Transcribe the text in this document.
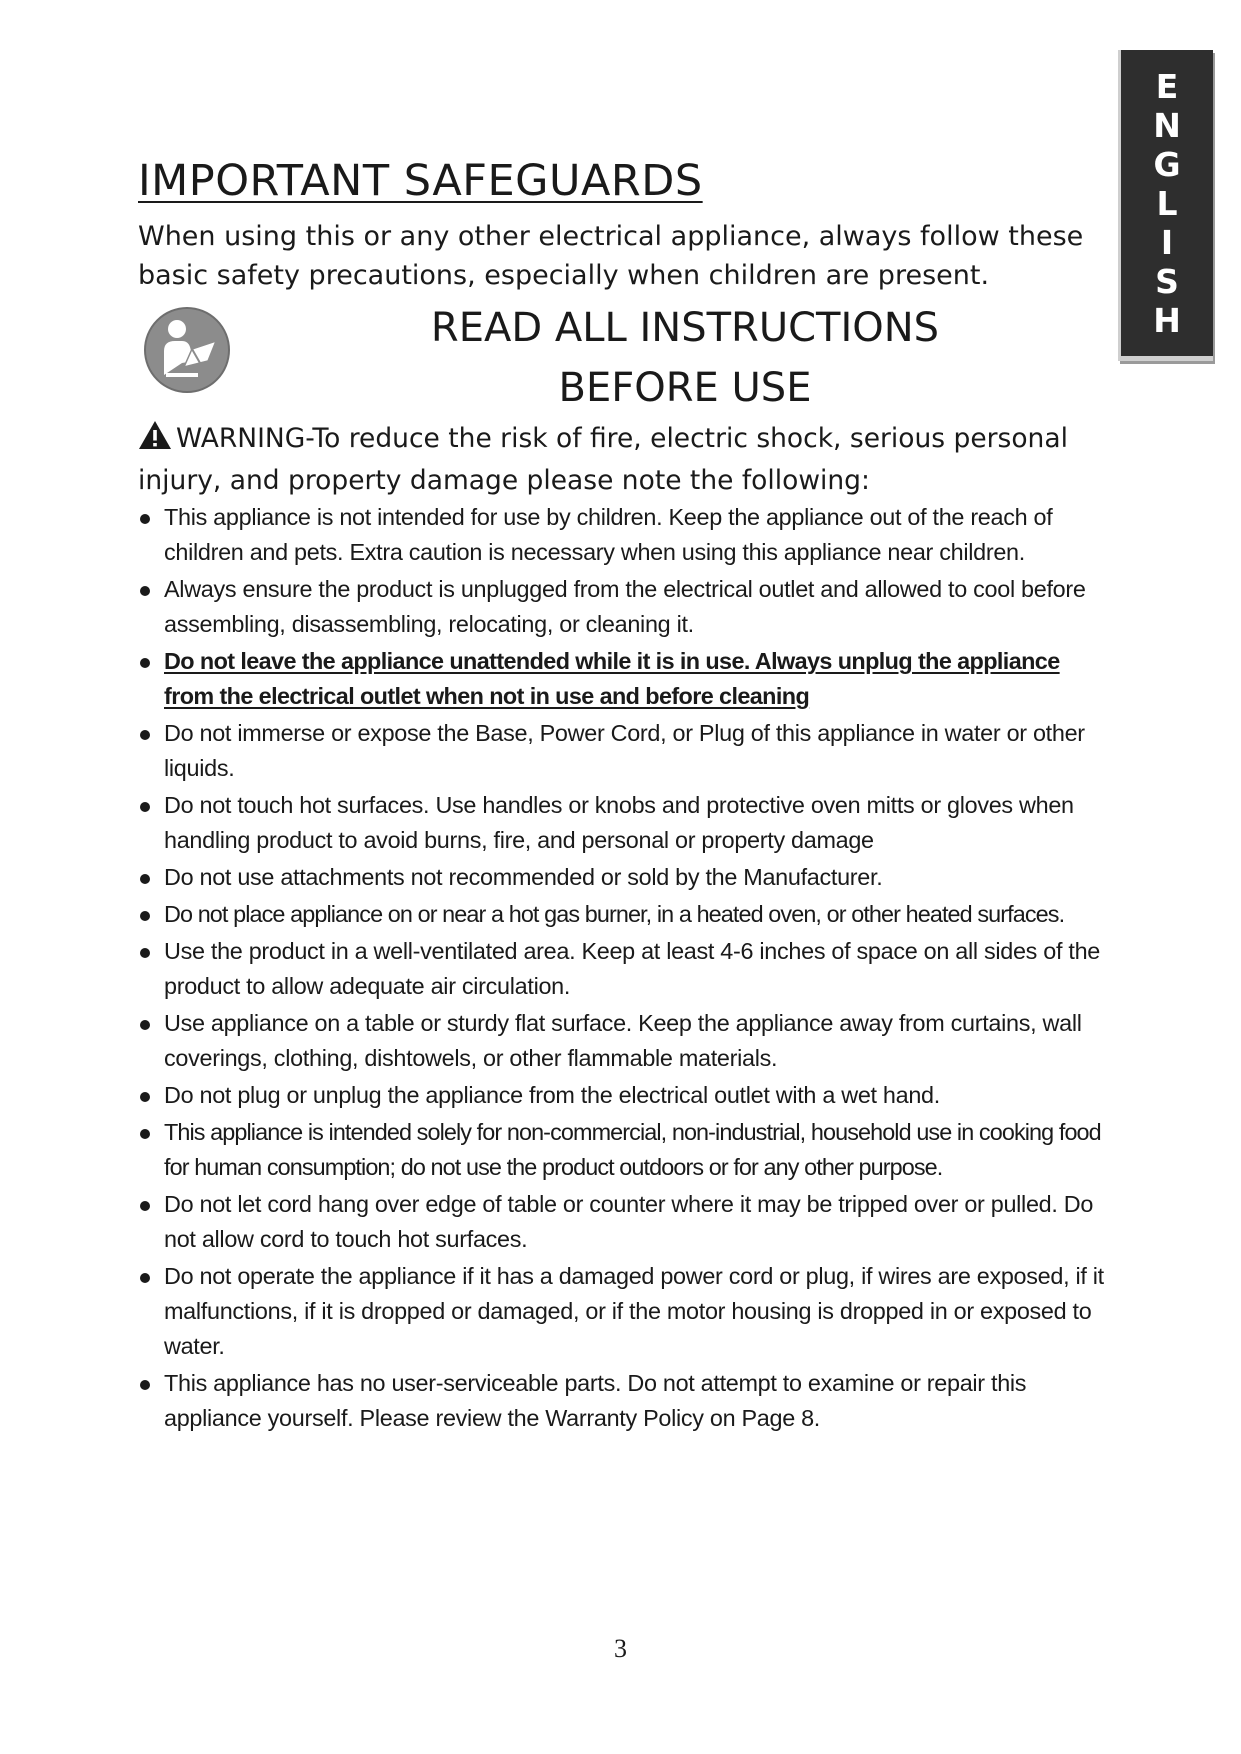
E
N
G
L
I
S
H
IMPORTANT SAFEGUARDS

When using this or any other electrical appliance, always follow these basic safety precautions, especially when children are present.

READ ALL INSTRUCTIONS
BEFORE USE

WARNING-To reduce the risk of fire, electric shock, serious personal injury, and property damage please note the following:

This appliance is not intended for use by children. Keep the appliance out of the reach of children and pets. Extra caution is necessary when using this appliance near children.
Always ensure the product is unplugged from the electrical outlet and allowed to cool before assembling, disassembling, relocating, or cleaning it.
Do not leave the appliance unattended while it is in use. Always unplug the appliance from the electrical outlet when not in use and before cleaning
Do not immerse or expose the Base, Power Cord, or Plug of this appliance in water or other liquids.
Do not touch hot surfaces. Use handles or knobs and protective oven mitts or gloves when handling product to avoid burns, fire, and personal or property damage
Do not use attachments not recommended or sold by the Manufacturer.
Do not place appliance on or near a hot gas burner, in a heated oven, or other heated surfaces.
Use the product in a well-ventilated area. Keep at least 4-6 inches of space on all sides of the product to allow adequate air circulation.
Use appliance on a table or sturdy flat surface. Keep the appliance away from curtains, wall coverings, clothing, dishtowels, or other flammable materials.
Do not plug or unplug the appliance from the electrical outlet with a wet hand.
This appliance is intended solely for non-commercial, non-industrial, household use in cooking food for human consumption; do not use the product outdoors or for any other purpose.
Do not let cord hang over edge of table or counter where it may be tripped over or pulled. Do not allow cord to touch hot surfaces.
Do not operate the appliance if it has a damaged power cord or plug, if wires are exposed, if it malfunctions, if it is dropped or damaged, or if the motor housing is dropped in or exposed to water.
This appliance has no user-serviceable parts. Do not attempt to examine or repair this appliance yourself. Please review the Warranty Policy on Page 8.
3
